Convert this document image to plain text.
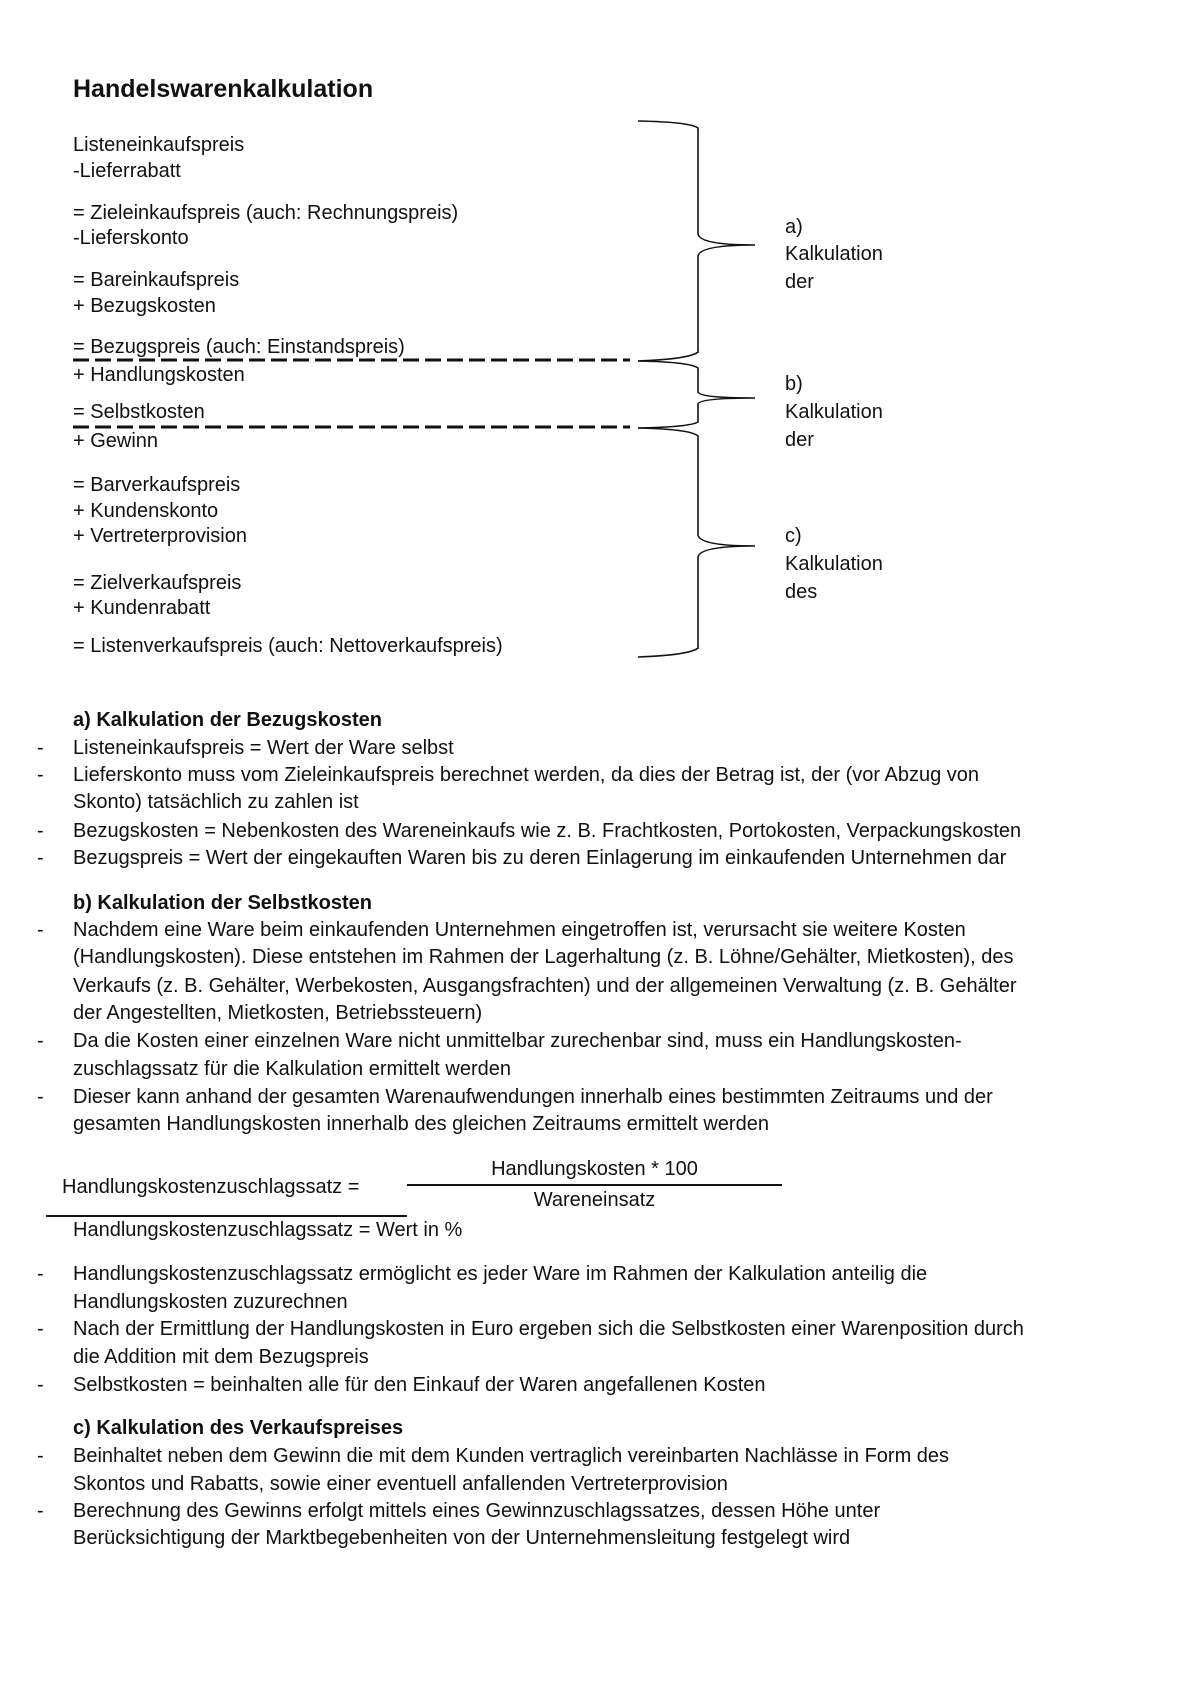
Handelswarenkalkulation
Listeneinkaufspreis
-Lieferrabatt
= Zieleinkaufspreis (auch: Rechnungspreis)
-Lieferskonto
= Bareinkaufspreis
+ Bezugskosten
= Bezugspreis (auch: Einstandspreis)
+ Handlungskosten
= Selbstkosten
+ Gewinn
= Barverkaufspreis
+ Kundenskonto
+ Vertreterprovision
= Zielverkaufspreis
+ Kundenrabatt
= Listenverkaufspreis (auch: Nettoverkaufspreis)
a)
Kalkulation
der
b)
Kalkulation
der
c)
Kalkulation
des
a) Kalkulation der Bezugskosten
- Listeneinkaufspreis = Wert der Ware selbst
- Lieferskonto muss vom Zieleinkaufspreis berechnet werden, da dies der Betrag ist, der (vor Abzug von
Skonto) tatsächlich zu zahlen ist
- Bezugskosten = Nebenkosten des Wareneinkaufs wie z. B. Frachtkosten, Portokosten, Verpackungskosten
- Bezugspreis = Wert der eingekauften Waren bis zu deren Einlagerung im einkaufenden Unternehmen dar
b) Kalkulation der Selbstkosten
- Nachdem eine Ware beim einkaufenden Unternehmen eingetroffen ist, verursacht sie weitere Kosten
(Handlungskosten). Diese entstehen im Rahmen der Lagerhaltung (z. B. Löhne/Gehälter, Mietkosten), des
Verkaufs (z. B. Gehälter, Werbekosten, Ausgangsfrachten) und der allgemeinen Verwaltung (z. B. Gehälter
der Angestellten, Mietkosten, Betriebssteuern)
- Da die Kosten einer einzelnen Ware nicht unmittelbar zurechenbar sind, muss ein Handlungskosten-
zuschlagssatz für die Kalkulation ermittelt werden
- Dieser kann anhand der gesamten Warenaufwendungen innerhalb eines bestimmten Zeitraums und der
gesamten Handlungskosten innerhalb des gleichen Zeitraums ermittelt werden
Handlungskostenzuschlagssatz =
Handlungskosten * 100
Wareneinsatz
Handlungskostenzuschlagssatz = Wert in %
- Handlungskostenzuschlagssatz ermöglicht es jeder Ware im Rahmen der Kalkulation anteilig die
Handlungskosten zuzurechnen
- Nach der Ermittlung der Handlungskosten in Euro ergeben sich die Selbstkosten einer Warenposition durch
die Addition mit dem Bezugspreis
- Selbstkosten = beinhalten alle für den Einkauf der Waren angefallenen Kosten
c) Kalkulation des Verkaufspreises
- Beinhaltet neben dem Gewinn die mit dem Kunden vertraglich vereinbarten Nachlässe in Form des
Skontos und Rabatts, sowie einer eventuell anfallenden Vertreterprovision
- Berechnung des Gewinns erfolgt mittels eines Gewinnzuschlagssatzes, dessen Höhe unter
Berücksichtigung der Marktbegebenheiten von der Unternehmensleitung festgelegt wird
